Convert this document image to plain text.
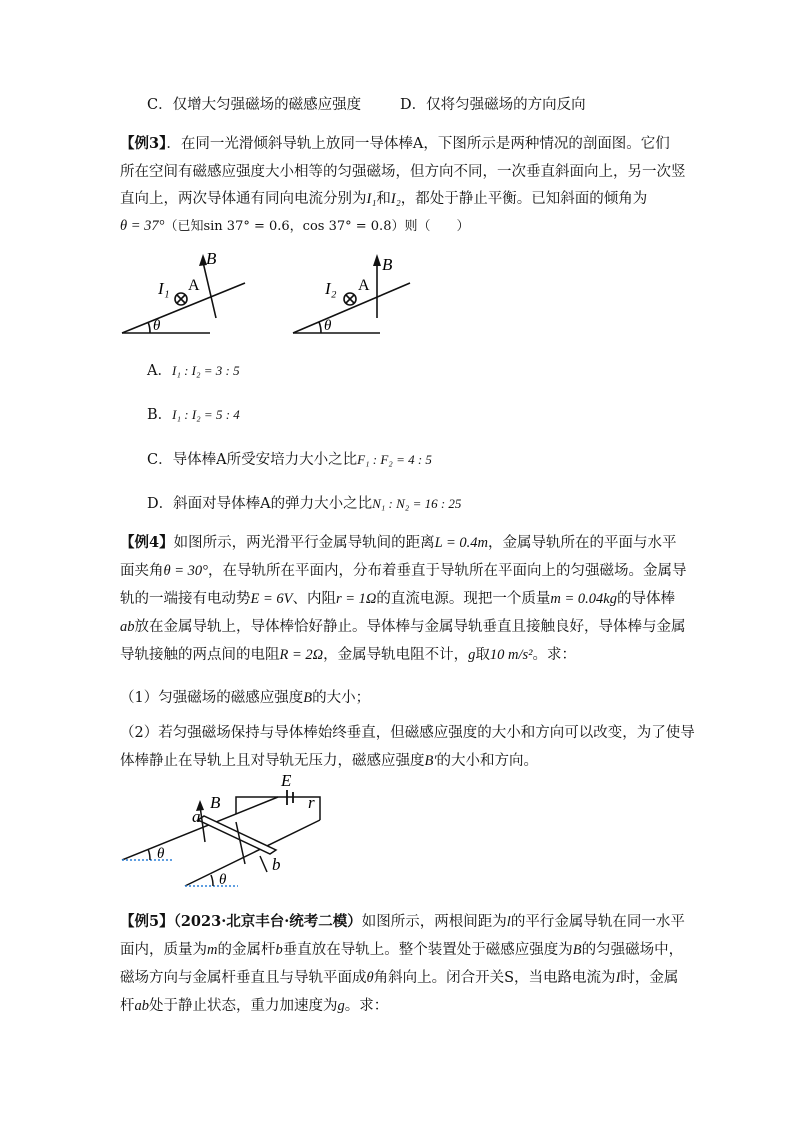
C．仅增大匀强磁场的磁感应强度	D．仅将匀强磁场的方向反向
【例3】．在同一光滑倾斜导轨上放同一导体棒A，下图所示是两种情况的剖面图。它们
所在空间有磁感应强度大小相等的匀强磁场，但方向不同，一次垂直斜面向上，另一次竖
直向上，两次导体通有同向电流分别为I₁和I₂，都处于静止平衡。已知斜面的倾角为
θ = 37°（已知sin 37° = 0.6，cos 37° = 0.8）则（　　）
I₁ A
B
θ
I₂ A
B
θ
A．I₁ : I₂ = 3 : 5
B．I₁ : I₂ = 5 : 4
C．导体棒A所受安培力大小之比F₁ : F₂ = 4 : 5
D．斜面对导体棒A的弹力大小之比N₁ : N₂ = 16 : 25
【例4】如图所示，两光滑平行金属导轨间的距离L = 0.4m，金属导轨所在的平面与水平
面夹角θ = 30°，在导轨所在平面内，分布着垂直于导轨所在平面向上的匀强磁场。金属导
轨的一端接有电动势E = 6V、内阻r = 1Ω的直流电源。现把一个质量m = 0.04kg的导体棒
ab放在金属导轨上，导体棒恰好静止。导体棒与金属导轨垂直且接触良好，导体棒与金属
导轨接触的两点间的电阻R = 2Ω，金属导轨电阻不计，g取10 m/s²。求：
（1）匀强磁场的磁感应强度B的大小；
（2）若匀强磁场保持与导体棒始终垂直，但磁感应强度的大小和方向可以改变，为了使导
体棒静止在导轨上且对导轨无压力，磁感应强度B′的大小和方向。
a
B
E
r
b
θ
θ
【例5】（2023·北京丰台·统考二模）如图所示，两根间距为l的平行金属导轨在同一水平
面内，质量为m的金属杆b垂直放在导轨上。整个装置处于磁感应强度为B的匀强磁场中，
磁场方向与金属杆垂直且与导轨平面成θ角斜向上。闭合开关S，当电路电流为I时，金属
杆ab处于静止状态，重力加速度为g。求：
